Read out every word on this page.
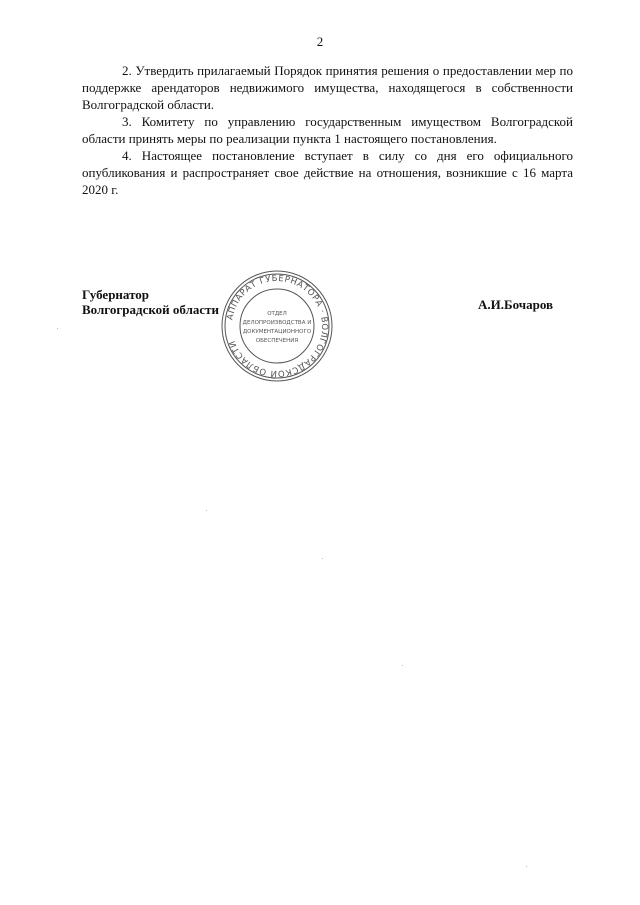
2

2. Утвердить прилагаемый Порядок принятия решения о предоставлении мер по поддержке арендаторов недвижимого имущества, находящегося в собственности Волгоградской области.

3. Комитету по управлению государственным имуществом Волгоградской области принять меры по реализации пункта 1 настоящего постановления.

4. Настоящее постановление вступает в силу со дня его официального опубликования и распространяет свое действие на отношения, возникшие с 16 марта 2020 г.

Губернатор
Волгоградской области	А.И.Бочаров
АППАРАТ ГУБЕРНАТОРА · ВОЛГОГРАДСКОЙ ОБЛАСТИ
ОТДЕЛ
ДЕЛОПРОИЗВОДСТВА И
ДОКУМЕНТАЦИОННОГО
ОБЕСПЕЧЕНИЯ
